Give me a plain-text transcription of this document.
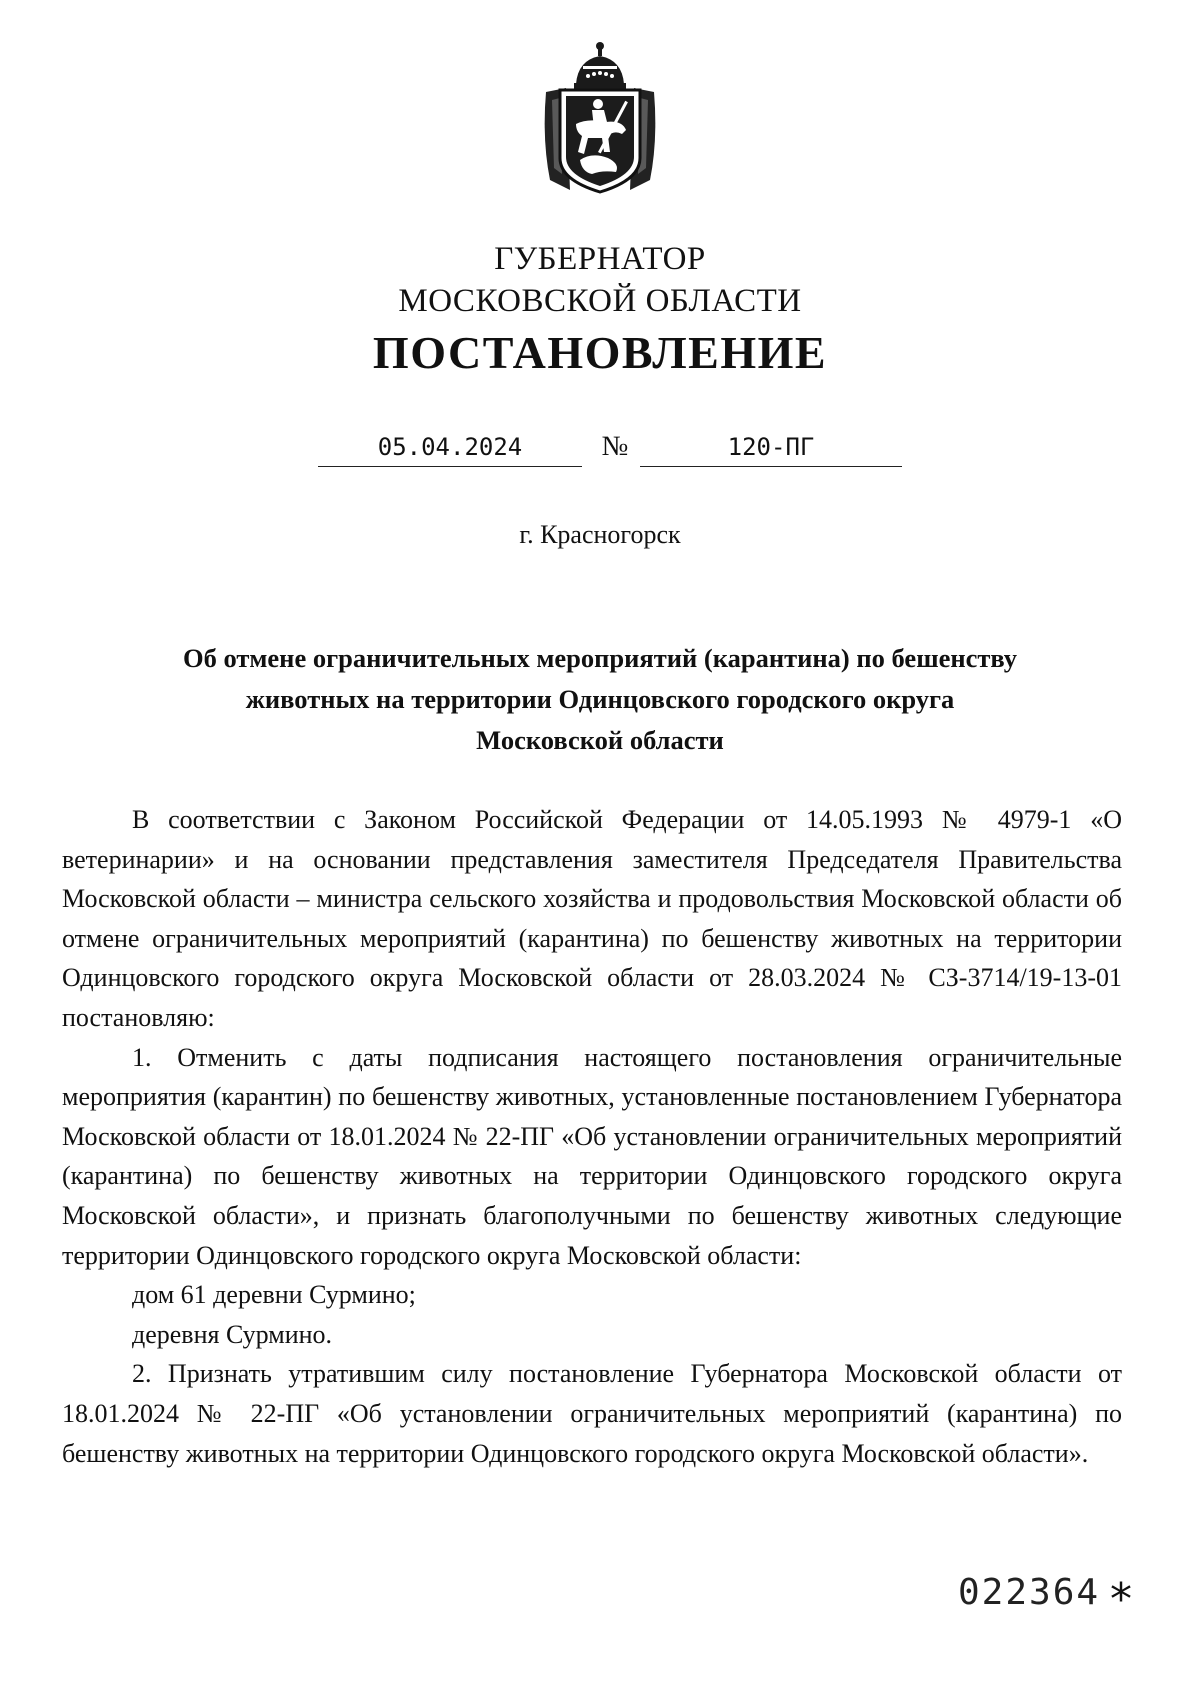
ГУБЕРНАТОР
МОСКОВСКОЙ ОБЛАСТИ
ПОСТАНОВЛЕНИЕ
05.04.2024	№	120-ПГ
г. Красногорск
Об отмене ограничительных мероприятий (карантина) по бешенству
животных на территории Одинцовского городского округа
Московской области

В соответствии с Законом Российской Федерации от 14.05.1993 № 4979-1 «О ветеринарии» и на основании представления заместителя Председателя Правительства Московской области – министра сельского хозяйства и продовольствия Московской области об отмене ограничительных мероприятий (карантина) по бешенству животных на территории Одинцовского городского округа Московской области от 28.03.2024 № СЗ-3714/19-13-01 постановляю:

1. Отменить с даты подписания настоящего постановления ограничительные мероприятия (карантин) по бешенству животных, установленные постановлением Губернатора Московской области от 18.01.2024 № 22-ПГ «Об установлении ограничительных мероприятий (карантина) по бешенству животных на территории Одинцовского городского округа Московской области», и признать благополучными по бешенству животных следующие территории Одинцовского городского округа Московской области:

дом 61 деревни Сурмино;

деревня Сурмино.

2. Признать утратившим силу постановление Губернатора Московской области от 18.01.2024 № 22-ПГ «Об установлении ограничительных мероприятий (карантина) по бешенству животных на территории Одинцовского городского округа Московской области».

022364 *
